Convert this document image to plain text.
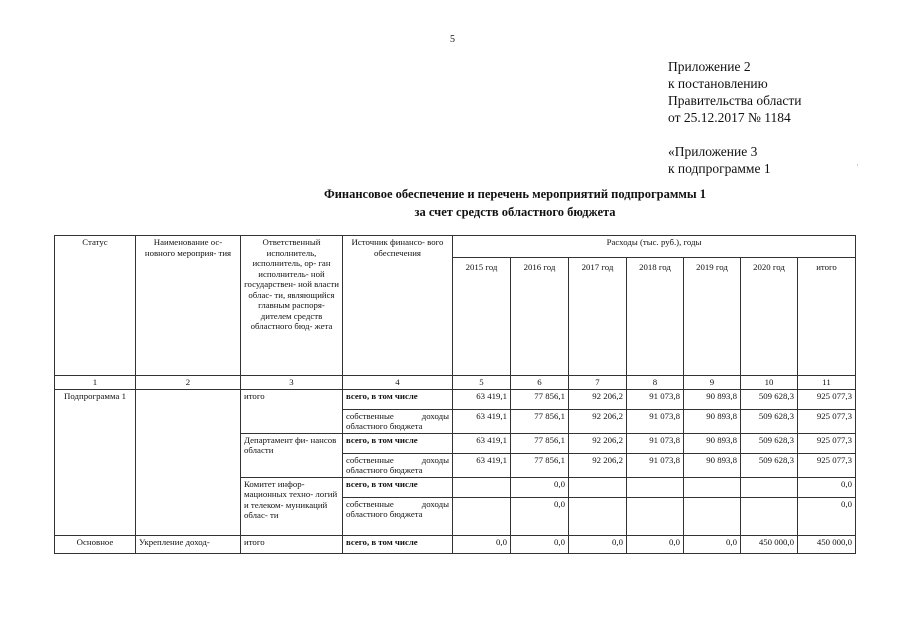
5
Приложение 2
к постановлению
Правительства области
от 25.12.2017 № 1184
·
«Приложение 3
к подпрограмме 1
Финансовое обеспечение и перечень мероприятий подпрограммы 1
за счет средств областного бюджета
Статус	Наименование ос- новного мероприя- тия	Ответственный исполнитель, исполнитель, ор- ган исполнитель- ной государствен- ной власти облас- ти, являющийся главным распоря- дителем средств областного бюд- жета	Источник финансо- вого обеспечения	Расходы (тыс. руб.), годы						
				2015 год	2016 год	2017 год	2018 год	2019 год	2020 год	итого
1	2	3	4	5	6	7	8	9	10	11
Подпрограмма 1		итого	всего, в том числе	63 419,1	77 856,1	92 206,2	91 073,8	90 893,8	509 628,3	925 077,3
			собственные доходы областного бюджета	63 419,1	77 856,1	92 206,2	91 073,8	90 893,8	509 628,3	925 077,3
		Департамент фи- нансов области	всего, в том числе	63 419,1	77 856,1	92 206,2	91 073,8	90 893,8	509 628,3	925 077,3
			собственные доходы областного бюджета	63 419,1	77 856,1	92 206,2	91 073,8	90 893,8	509 628,3	925 077,3
		Комитет инфор- мационных техно- логий и телеком- муникаций облас- ти	всего, в том числе		0,0					0,0
			собственные доходы областного бюджета		0,0					0,0
Основное	Укрепление доход-	итого	всего, в том числе	0,0	0,0	0,0	0,0	0,0	450 000,0	450 000,0
